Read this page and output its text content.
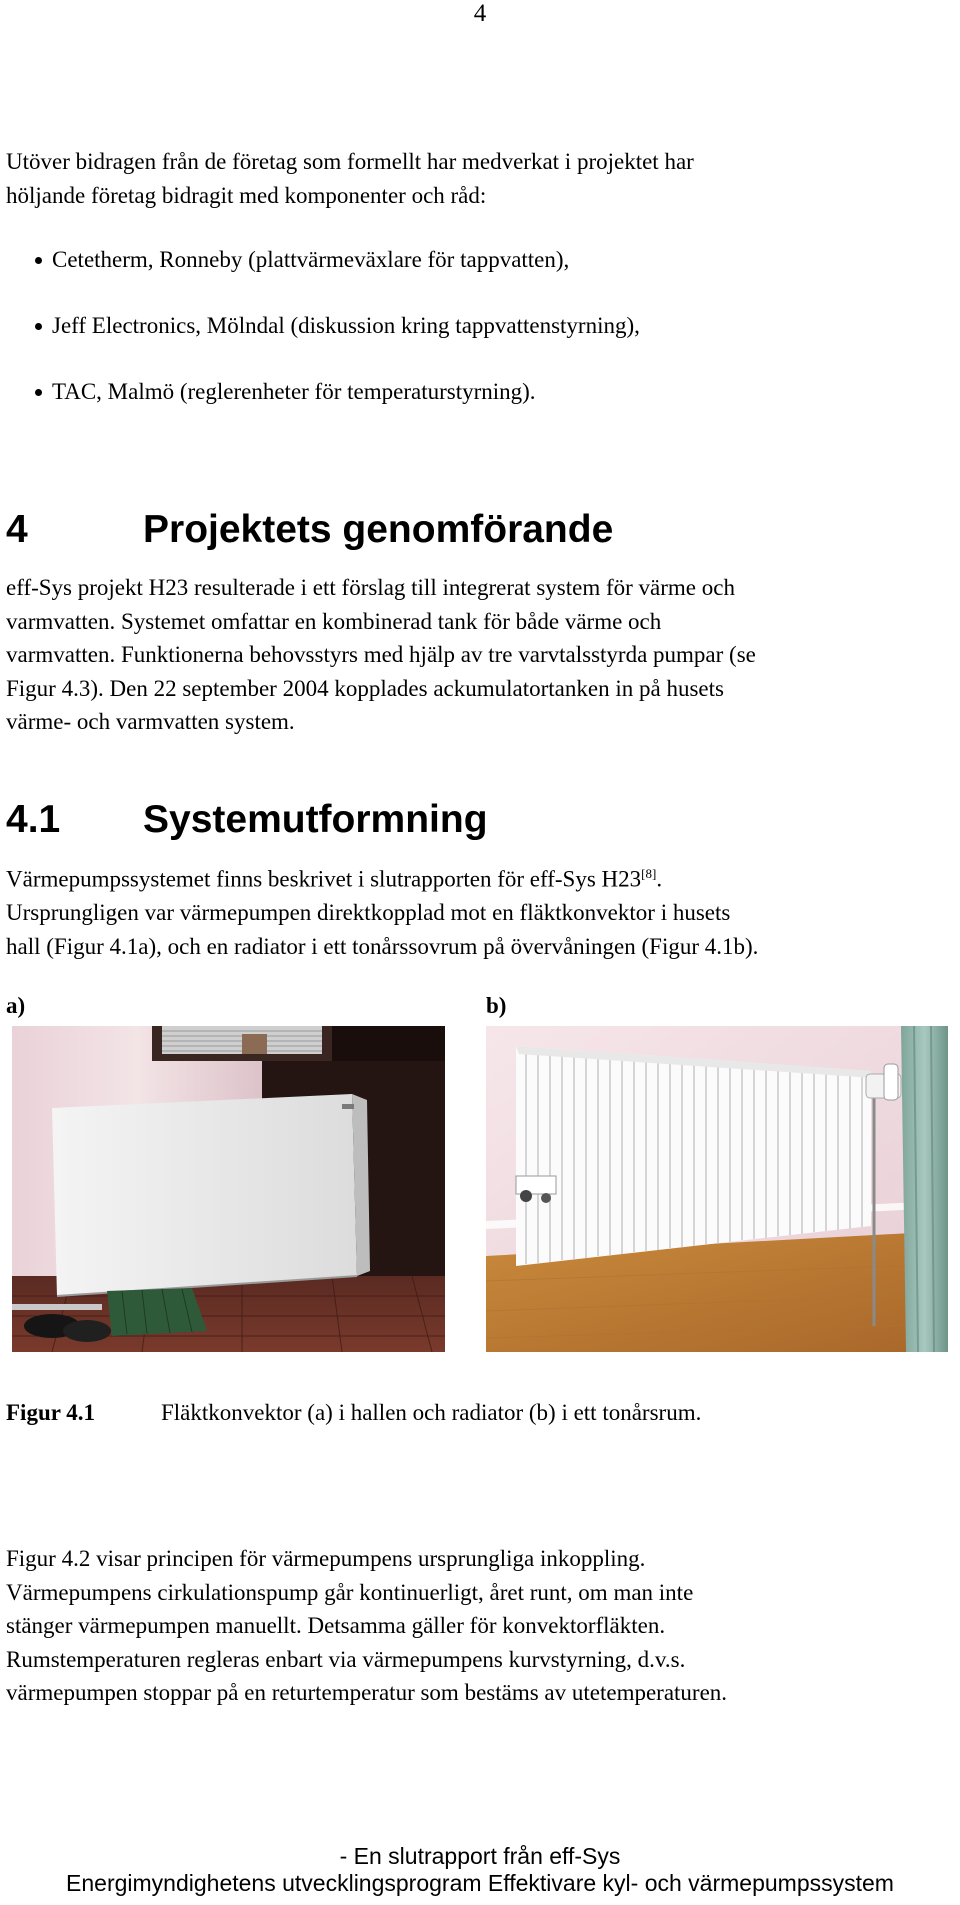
4
Utöver bidragen från de företag som formellt har medverkat i projektet har
höljande företag bidragit med komponenter och råd:
Cetetherm, Ronneby (plattvärmeväxlare för tappvatten),
Jeff Electronics, Mölndal (diskussion kring tappvattenstyrning),
TAC, Malmö (reglerenheter för temperaturstyrning).
4	Projektets genomförande
eff-Sys projekt H23 resulterade i ett förslag till integrerat system för värme och
varmvatten. Systemet omfattar en kombinerad tank för både värme och
varmvatten. Funktionerna behovsstyrs med hjälp av tre varvtalsstyrda pumpar (se
Figur 4.3). Den 22 september 2004 kopplades ackumulatortanken in på husets
värme- och varmvatten system.
4.1 Systemutformning
Värmepumpssystemet finns beskrivet i slutrapporten för eff-Sys H23[8].
Ursprungligen var värmepumpen direktkopplad mot en fläktkonvektor i husets
hall (Figur 4.1a), och en radiator i ett tonårssovrum på övervåningen (Figur 4.1b).
a)	b)
Figur 4.1	Fläktkonvektor (a) i hallen och radiator (b) i ett tonårsrum.
Figur 4.2 visar principen för värmepumpens ursprungliga inkoppling.
Värmepumpens cirkulationspump går kontinuerligt, året runt, om man inte
stänger värmepumpen manuellt. Detsamma gäller för konvektorfläkten.
Rumstemperaturen regleras enbart via värmepumpens kurvstyrning, d.v.s.
värmepumpen stoppar på en returtemperatur som bestäms av utetemperaturen.
- En slutrapport från eff-Sys
Energimyndighetens utvecklingsprogram Effektivare kyl- och värmepumpssystem
